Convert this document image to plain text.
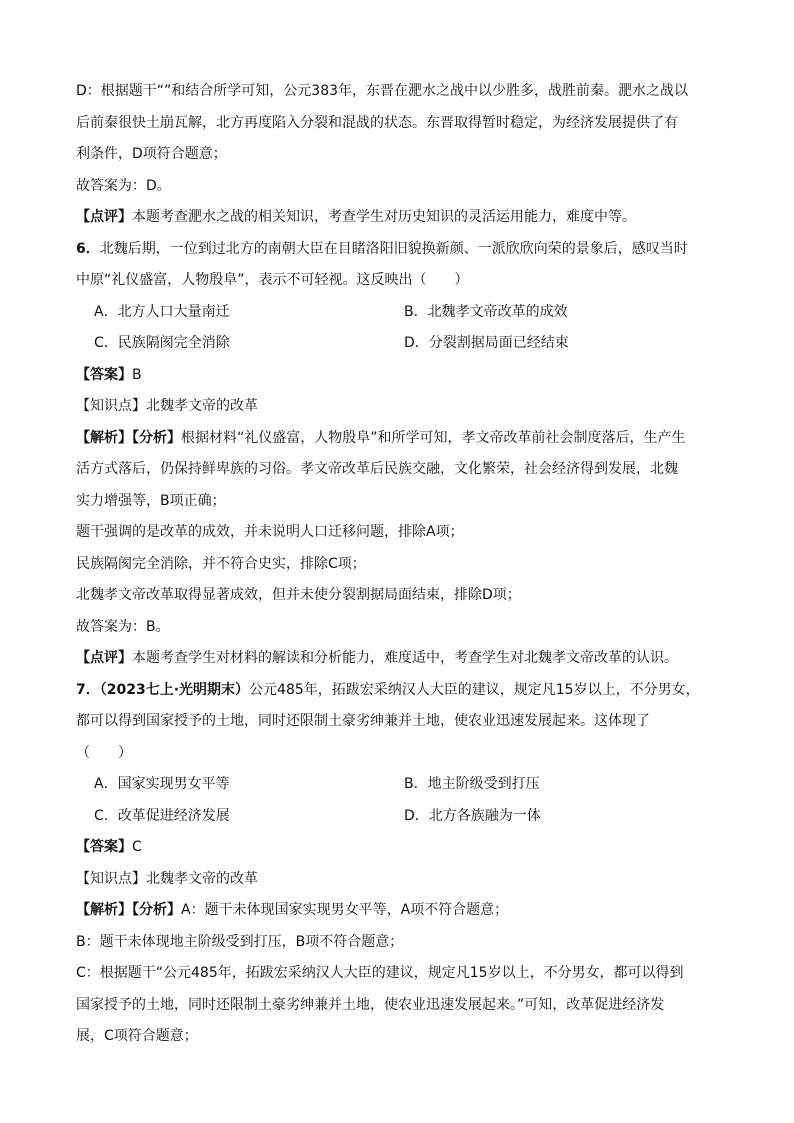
D：根据题干“”和结合所学可知，公元383年，东晋在淝水之战中以少胜多，战胜前秦。淝水之战以
后前秦很快土崩瓦解，北方再度陷入分裂和混战的状态。东晋取得暂时稳定，为经济发展提供了有
利条件，D项符合题意；
故答案为：D。
【点评】本题考查淝水之战的相关知识，考查学生对历史知识的灵活运用能力，难度中等。
6．北魏后期，一位到过北方的南朝大臣在目睹洛阳旧貌换新颜、一派欣欣向荣的景象后，感叹当时
中原“礼仪盛富，人物殷阜”，表示不可轻视。这反映出（　　）
A．北方人口大量南迁	B．北魏孝文帝改革的成效
C．民族隔阂完全消除	D．分裂割据局面已经结束
【答案】B
【知识点】北魏孝文帝的改革
【解析】【分析】根据材料“礼仪盛富，人物殷阜”和所学可知，孝文帝改革前社会制度落后，生产生
活方式落后，仍保持鲜卑族的习俗。孝文帝改革后民族交融，文化繁荣，社会经济得到发展，北魏
实力增强等，B项正确；
题干强调的是改革的成效，并未说明人口迁移问题，排除A项；
民族隔阂完全消除，并不符合史实，排除C项；
北魏孝文帝改革取得显著成效，但并未使分裂割据局面结束，排除D项；
故答案为：B。
【点评】本题考查学生对材料的解读和分析能力，难度适中，考查学生对北魏孝文帝改革的认识。
7．（2023七上·光明期末）公元485年，拓跋宏采纳汉人大臣的建议，规定凡15岁以上，不分男女，
都可以得到国家授予的土地，同时还限制土豪劣绅兼并土地，使农业迅速发展起来。这体现了
（　　）
A．国家实现男女平等	B．地主阶级受到打压
C．改革促进经济发展	D．北方各族融为一体
【答案】C
【知识点】北魏孝文帝的改革
【解析】【分析】A：题干未体现国家实现男女平等，A项不符合题意；
B：题干未体现地主阶级受到打压，B项不符合题意；
C：根据题干“公元485年，拓跋宏采纳汉人大臣的建议，规定凡15岁以上，不分男女，都可以得到
国家授予的土地，同时还限制土豪劣绅兼并土地，使农业迅速发展起来。”可知，改革促进经济发
展，C项符合题意；
